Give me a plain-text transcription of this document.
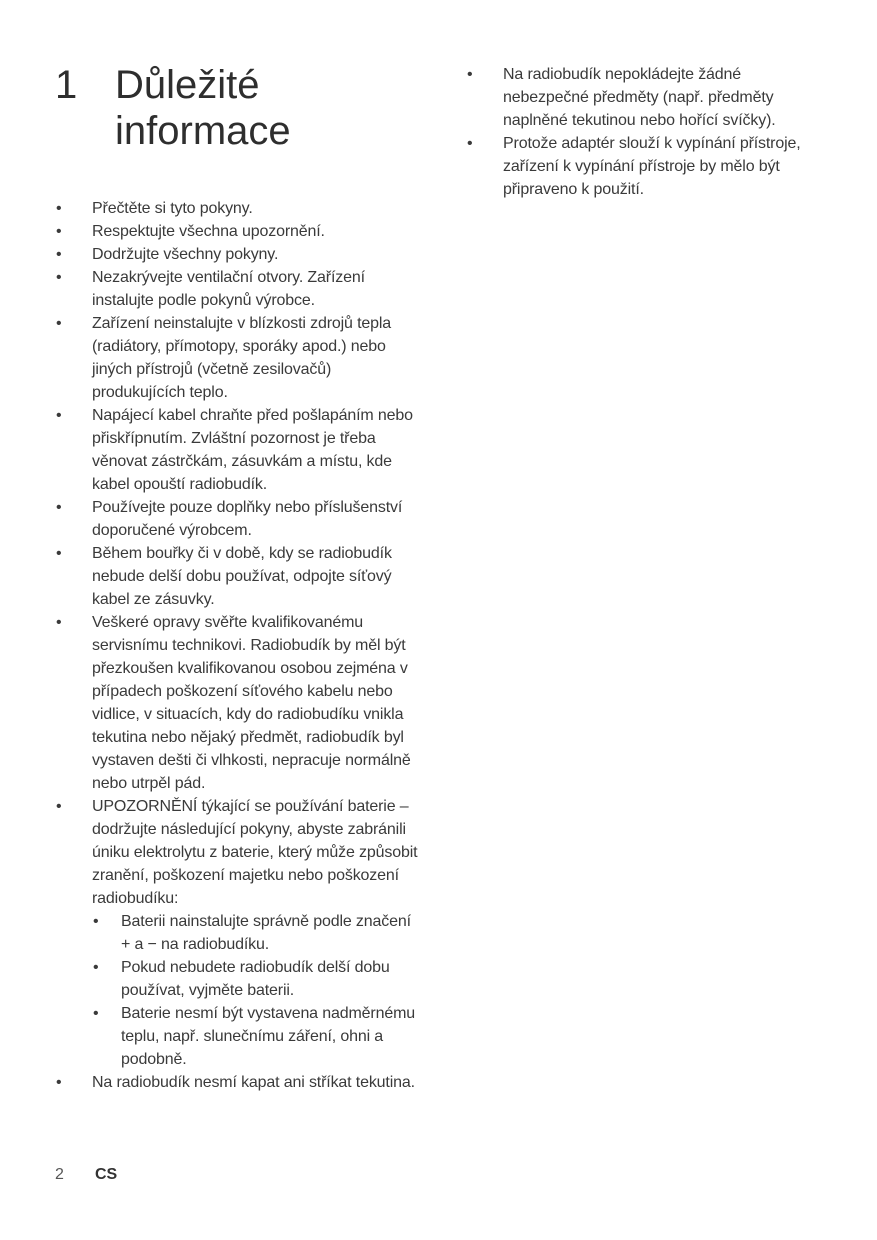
1 Důležité informace
• Přečtěte si tyto pokyny.
• Respektujte všechna upozornění.
• Dodržujte všechny pokyny.
• Nezakrývejte ventilační otvory. Zařízení instalujte podle pokynů výrobce.
• Zařízení neinstalujte v blízkosti zdrojů tepla (radiátory, přímotopy, sporáky apod.) nebo jiných přístrojů (včetně zesilovačů) produkujících teplo.
• Napájecí kabel chraňte před pošlapáním nebo přiskřípnutím. Zvláštní pozornost je třeba věnovat zástrčkám, zásuvkám a místu, kde kabel opouští radiobudík.
• Používejte pouze doplňky nebo příslušenství doporučené výrobcem.
• Během bouřky či v době, kdy se radiobudík nebude delší dobu používat, odpojte síťový kabel ze zásuvky.
• Veškeré opravy svěřte kvalifikovanému servisnímu technikovi. Radiobudík by měl být přezkoušen kvalifikovanou osobou zejména v případech poškození síťového kabelu nebo vidlice, v situacích, kdy do radiobudíku vnikla tekutina nebo nějaký předmět, radiobudík byl vystaven dešti či vlhkosti, nepracuje normálně nebo utrpěl pád.
• UPOZORNĚNÍ týkající se používání baterie – dodržujte následující pokyny, abyste zabránili úniku elektrolytu z baterie, který může způsobit zranění, poškození majetku nebo poškození radiobudíku:
• Baterii nainstalujte správně podle značení + a − na radiobudíku.
• Pokud nebudete radiobudík delší dobu používat, vyjměte baterii.
• Baterie nesmí být vystavena nadměrnému teplu, např. slunečnímu záření, ohni a podobně.
• Na radiobudík nesmí kapat ani stříkat tekutina.
• Na radiobudík nepokládejte žádné nebezpečné předměty (např. předměty naplněné tekutinou nebo hořící svíčky).
• Protože adaptér slouží k vypínání přístroje, zařízení k vypínání přístroje by mělo být připraveno k použití.
2 CS
